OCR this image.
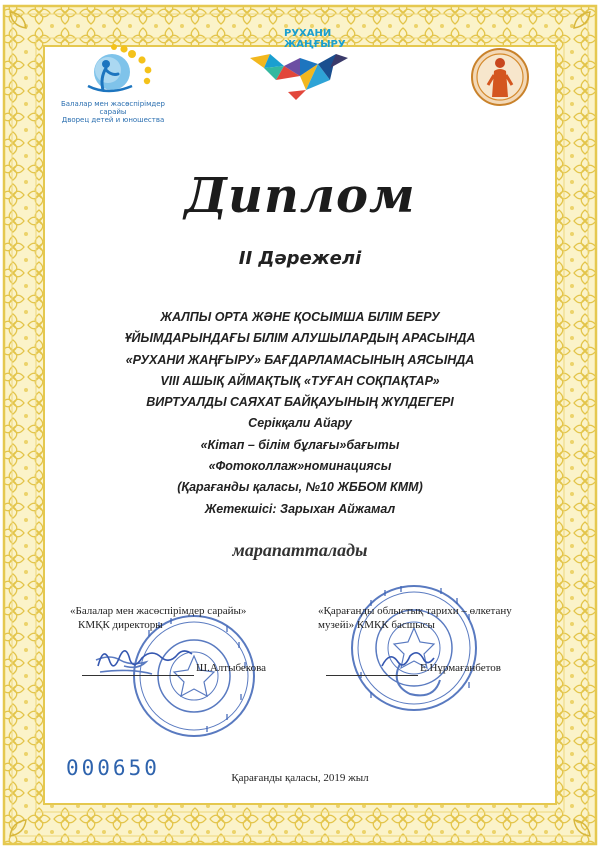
Балалар мен жасөспірімдер сарайы
Дворец детей и юношества
РУХАНИ
ЖАҢҒЫРУ
Диплом
II Дәрежелі
ЖАЛПЫ ОРТА ЖӘНЕ ҚОСЫМША БІЛІМ БЕРУ
ҰЙЫМДАРЫНДАҒЫ БІЛІМ АЛУШЫЛАРДЫҢ АРАСЫНДА
«РУХАНИ ЖАҢҒЫРУ» БАҒДАРЛАМАСЫНЫҢ АЯСЫНДА
VIII АШЫҚ АЙМАҚТЫҚ «ТУҒАН СОҚПАҚТАР»
ВИРТУАЛДЫ САЯХАТ БАЙҚАУЫНЫҢ ЖҮЛДЕГЕРІ
Серікқали Айару
«Кітап – білім бұлағы»бағыты
«Фотоколлаж»номинациясы
(Қарағанды қаласы, №10 ЖББОМ КММ)
Жетекшісі: Зарыхан Айжамал
марапатталады
«Балалар мен жасөспірімдер сарайы»
КМҚК директоры
«Қарағанды облыстық тарихи – өлкетану
музейі» КМҚК басшысы
Ш.Алтыбекова	Е.Нұрмағанбетов
000650	Қарағанды қаласы, 2019 жыл
